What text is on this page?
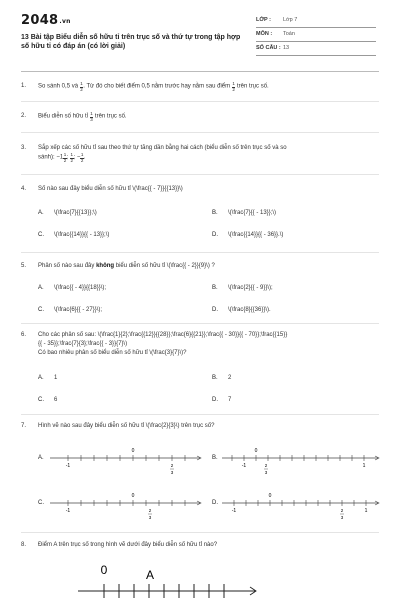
2048.vn
13 Bài tập Biểu diễn số hữu tỉ trên trục số và thứ tự trong tập hợp số hữu tỉ có đáp án (có lời giải)
LỚP : Lớp 7
MÔN : Toán
SỐ CÂU : 13
1. So sánh 0,5 và $\frac{1}{2}$ . Từ đó cho biết điểm 0,5 nằm trước hay nằm sau điểm $\frac{1}{2}$ trên trục số.
2. Biểu diễn số hữu tỉ $\frac{1}{3}$ trên trục số.
3. Sắp xếp các số hữu tỉ sau theo thứ tự tăng dần bằng hai cách (biểu diễn số trên trục số và so
sánh): $-1 \frac{1}{2}$ ; $\frac{1}{2}$ ; − $\frac{1}{2}$ .
4. Số nào sau đây biểu diễn số hữu tỉ \(\frac{{ - 7}}{{13}}\)
A. \(\frac{7}{{13}};\)	B. \(\frac{7}{{ - 13}};\)
C. \(\frac{{14}}{{ - 13}};\)	D. \(\frac{{14}}{{ - 36}}.\)
5. Phân số nào sau đây không biểu diễn số hữu tỉ \(\frac{{ - 2}}{9}\) ?
A. \(\frac{{ - 4}}{{18}}\);	B. \(\frac{2}{{ - 9}}\);
C. \(\frac{6}{{ - 27}}\);	D. \(\frac{8}{{36}}\).
6. Cho các phân số sau: \(\frac{1}{2};\frac{{12}}{{28}};\frac{6}{{21}};\frac{{ - 30}}{{ - 70}};\frac{{15}}
{{ - 35}};\frac{7}{3};\frac{{ - 3}}{7}\)
Có bao nhiêu phân số biểu diễn số hữu tỉ \(\frac{3}{7}\)?
A. 1	B. 2
C. 6	D. 7
7. Hình vẽ nào sau đây biểu diễn số hữu tỉ \(\frac{2}{3}\) trên trục số?
A.
-1
0
2
3
B.
-1
0
2
3
1
C.
-1
0
2
3
D.
-1
0
2
3
1
8. Điểm A trên trục số trong hình vẽ dưới đây biểu diễn số hữu tỉ nào?
0	A
